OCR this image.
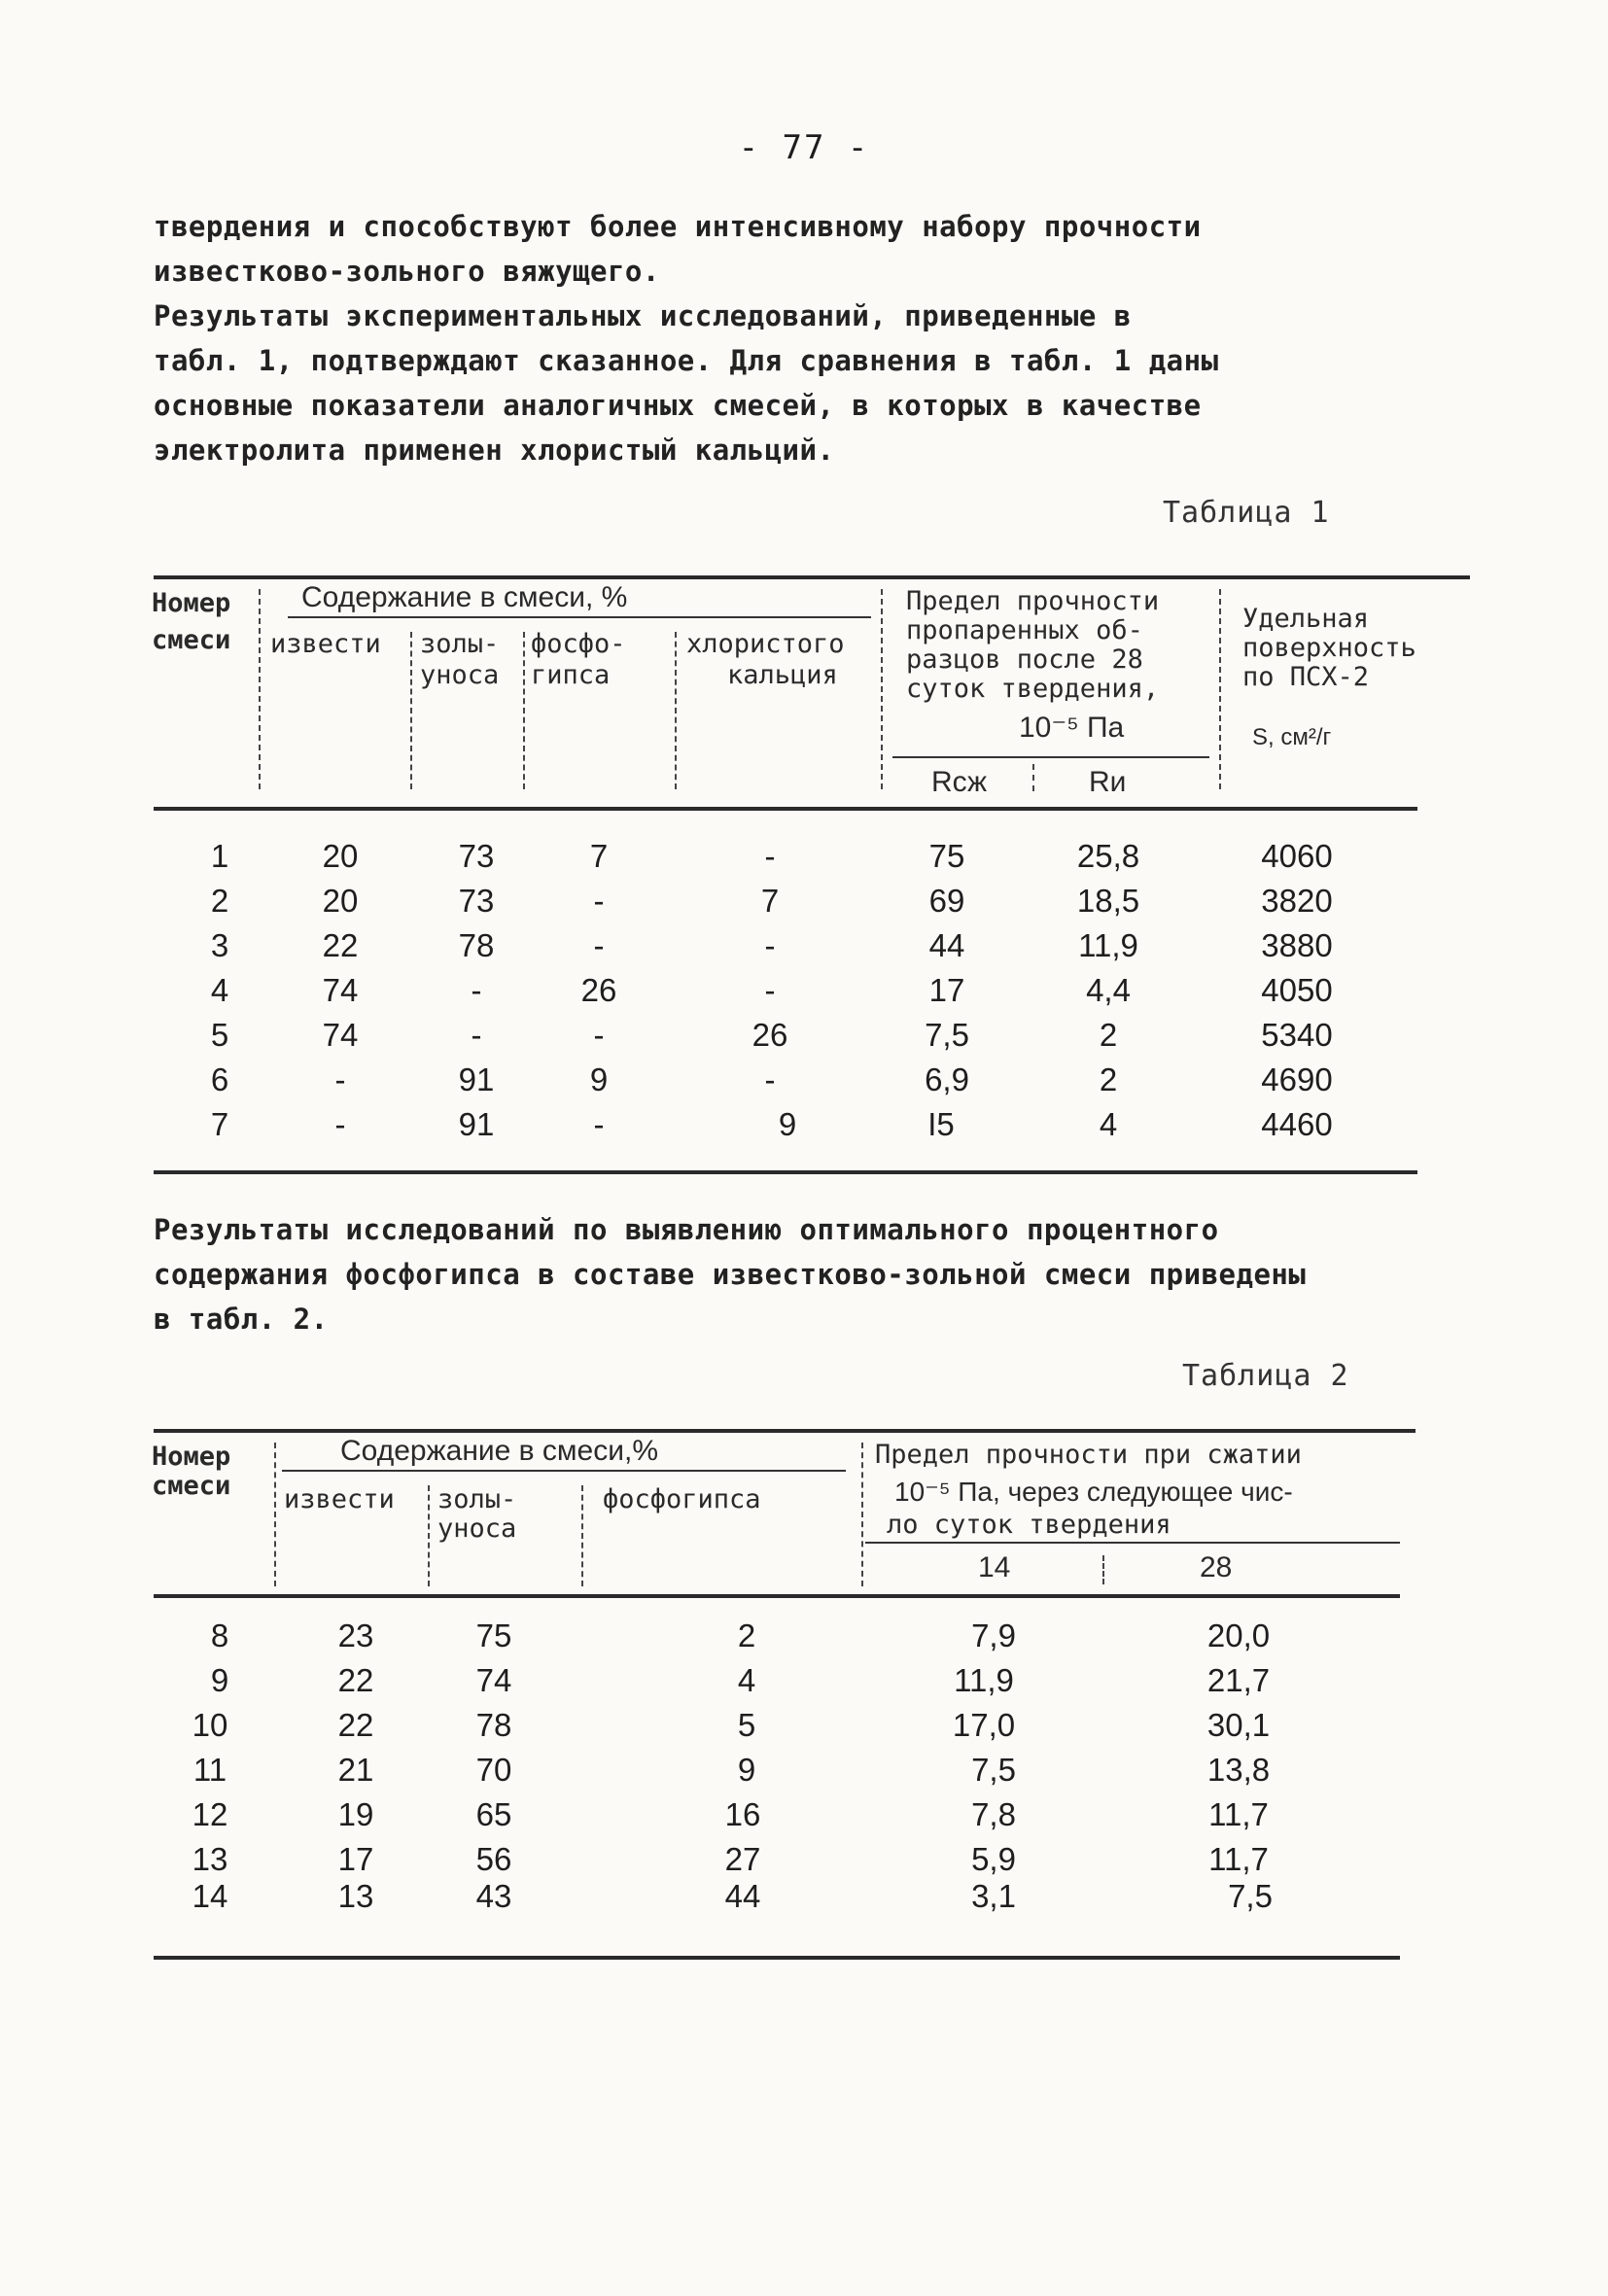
- 77 -

твердения и способствуют более интенсивному набору прочности

известково-зольного вяжущего.

Результаты экспериментальных исследований, приведенные в

табл. 1, подтверждают сказанное. Для сравнения в табл. 1 даны

основные показатели аналогичных смесей, в которых в качестве

электролита применен хлористый кальций.

Таблица 1
Номер
смеси
Содержание в смеси, %
извести золы-
уноса
фосфо-
гипса
хлористого
кальция
Предел прочности
пропаренных об-
разцов после 28
суток твердения,
10⁻⁵ Па
Rсж	Rи
Удельная
поверхность
по ПСХ-2
S, см²/г
1	20	73	7	-	75	25,8	4060
2	20	73	-	7	69	18,5	3820
3	22	78	-	-	44	11,9	3880
4	74	-	26	-	17	4,4	4050
5	74	-	-	26	7,5	2	5340
6	-	91	9	-	6,9	2	4690
7	-	91	-	9	I5	4	4460

Результаты исследований по выявлению оптимального процентного

содержания фосфогипса в составе известково-зольной смеси приведены

в табл. 2.

Таблица 2
Номер
смеси
Содержание в смеси,%
извести золы-
уноса
фосфогипса
Предел прочности при сжатии
10⁻⁵ Па, через следующее чис-
ло суток твердения
14	28
8	23	75	2	7,9	20,0
9	22	74	4	11,9	21,7
10	22	78	5	17,0	30,1
11	21	70	9	7,5	13,8
12	19	65	16	7,8	11,7
13	17	56	27	5,9	11,7
14	13	43	44	3,1	7,5
